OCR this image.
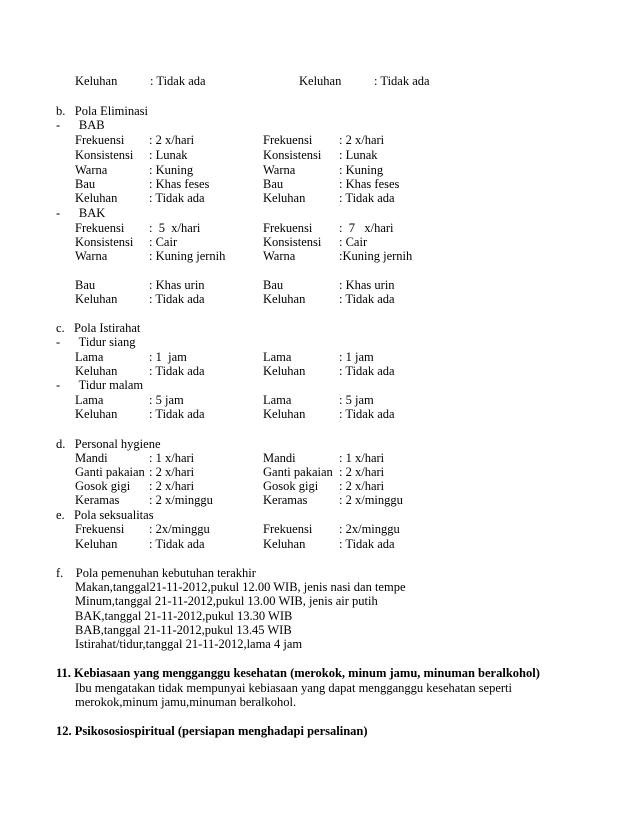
Keluhan	: Tidak ada	Keluhan	: Tidak ada
b.   Pola Eliminasi
-      BAB
Frekuensi : 2 x/hari	Frekuensi : 2 x/hari
Konsistensi : Lunak	Konsistensi : Lunak
Warna	: Kuning	Warna	: Kuning
Bau	: Khas feses	Bau	: Khas feses
Keluhan	: Tidak ada	Keluhan	: Tidak ada
-      BAK
Frekuensi :  5  x/hari	Frekuensi :  7   x/hari
Konsistensi : Cair	Konsistensi : Cair
Warna	: Kuning jernih	Warna	:Kuning jernih
Bau	: Khas urin	Bau	: Khas urin
Keluhan	: Tidak ada	Keluhan	: Tidak ada
c.   Pola Istirahat
-      Tidur siang
Lama	: 1  jam	Lama	: 1 jam
Keluhan	: Tidak ada	Keluhan	: Tidak ada
-      Tidur malam
Lama	: 5 jam	Lama	: 5 jam
Keluhan	: Tidak ada	Keluhan	: Tidak ada
d.   Personal hygiene
Mandi	: 1 x/hari	Mandi	: 1 x/hari
Ganti pakaian : 2 x/hari	Ganti pakaian : 2 x/hari
Gosok gigi : 2 x/hari	Gosok gigi : 2 x/hari
Keramas : 2 x/minggu	Keramas	: 2 x/minggu
e.   Pola seksualitas
Frekuensi : 2x/minggu	Frekuensi : 2x/minggu
Keluhan	: Tidak ada	Keluhan	: Tidak ada
f.    Pola pemenuhan kebutuhan terakhir
Makan,tanggal21-11-2012,pukul 12.00 WIB, jenis nasi dan tempe
Minum,tanggal 21-11-2012,pukul 13.00 WIB, jenis air putih
BAK,tanggal 21-11-2012,pukul 13.30 WIB
BAB,tanggal 21-11-2012,pukul 13.45 WIB
Istirahat/tidur,tanggal 21-11-2012,lama 4 jam
11. Kebiasaan yang mengganggu kesehatan (merokok, minum jamu, minuman beralkohol)
Ibu mengatakan tidak mempunyai kebiasaan yang dapat mengganggu kesehatan seperti
merokok,minum jamu,minuman beralkohol.
12. Psikososiospiritual (persiapan menghadapi persalinan)
